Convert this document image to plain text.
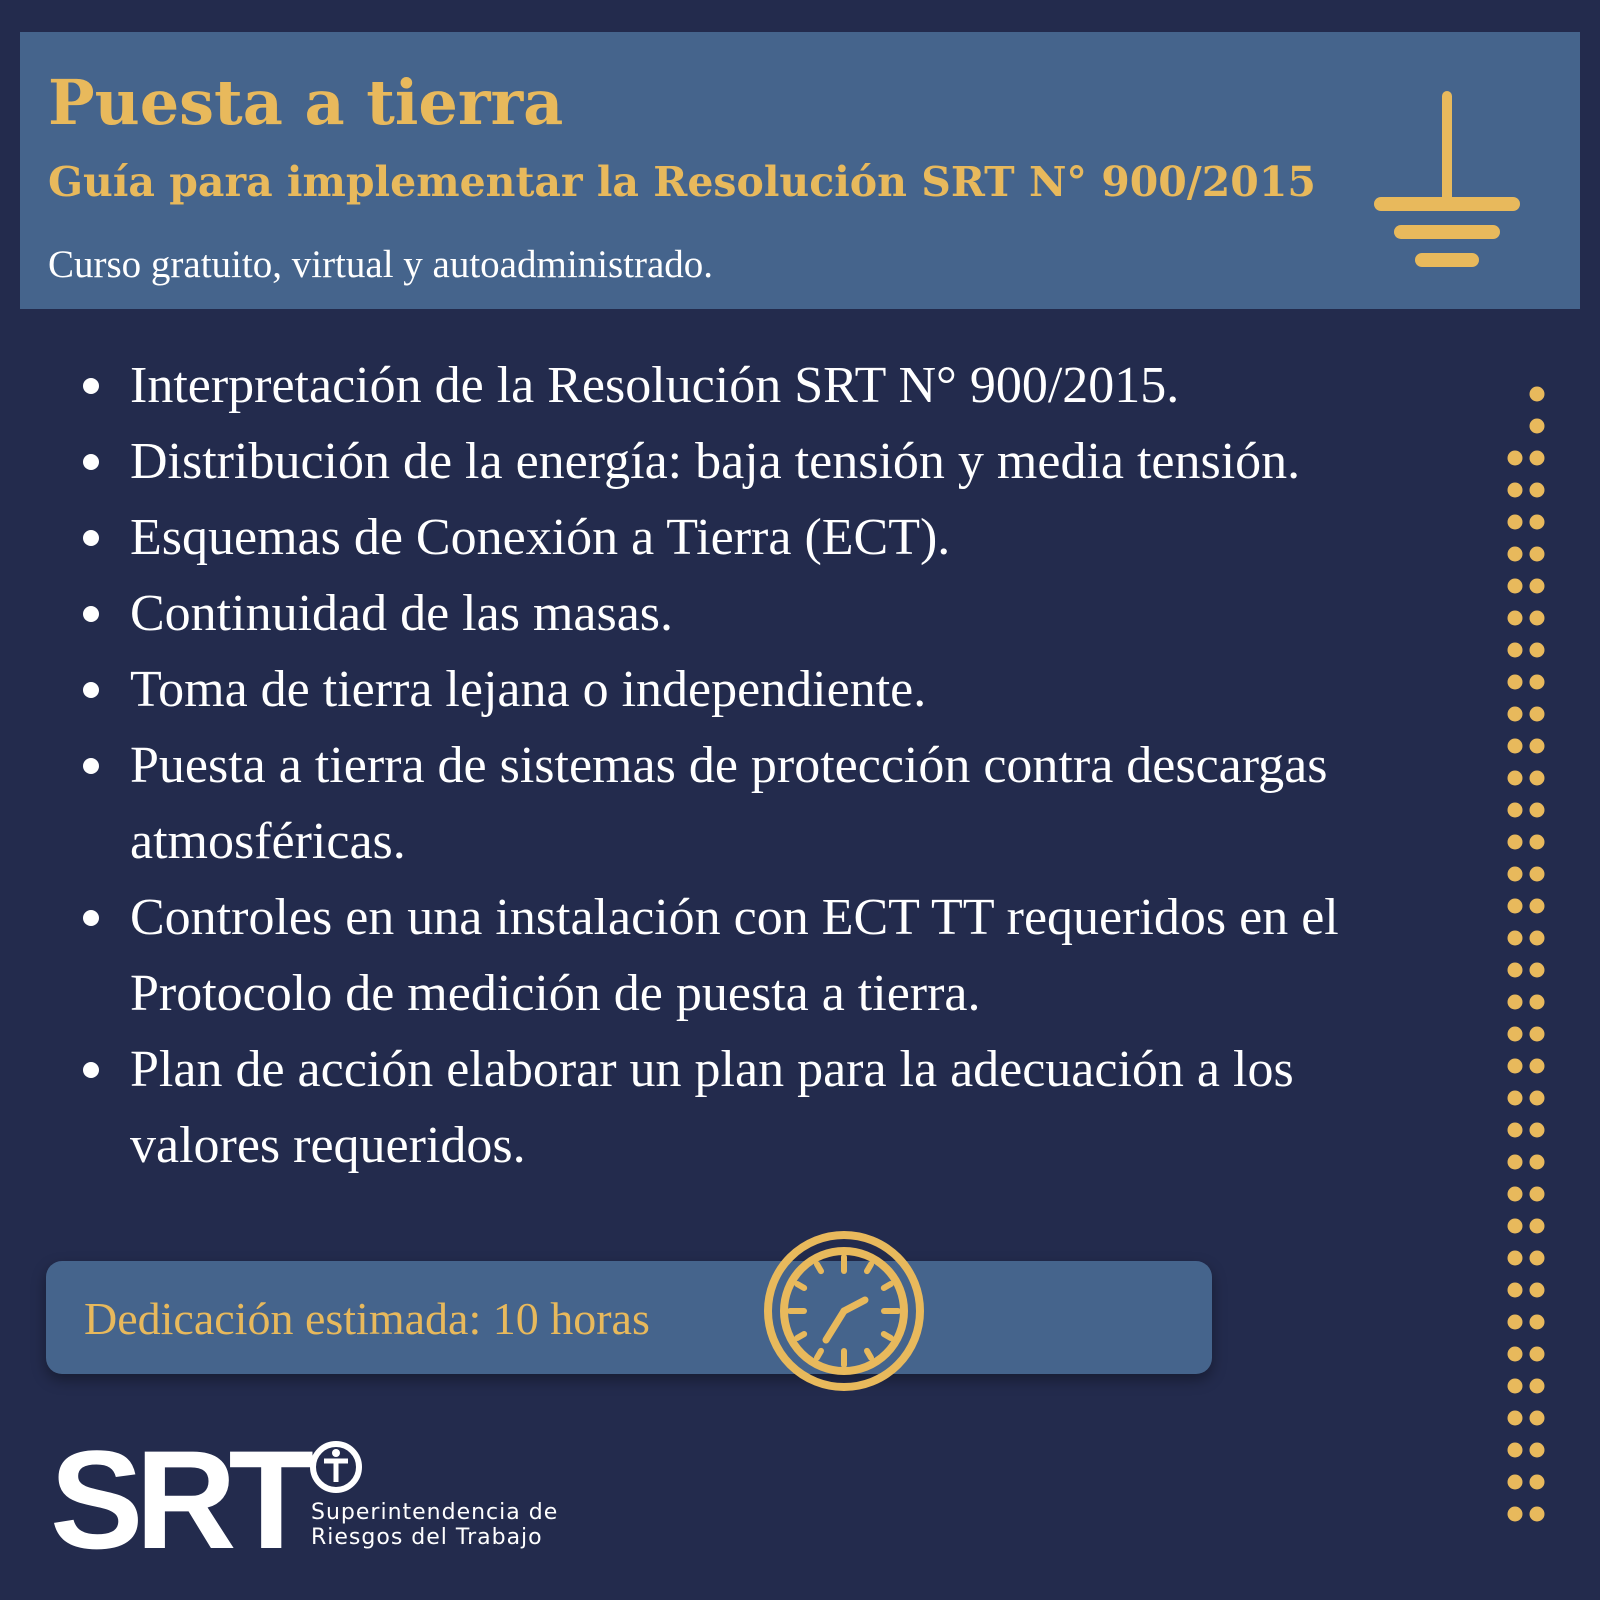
Puesta a tierra
Guía para implementar la Resolución SRT N° 900/2015

Curso gratuito, virtual y autoadministrado.

Interpretación de la Resolución SRT N° 900/2015.
Distribución de la energía: baja tensión y media tensión.
Esquemas de Conexión a Tierra (ECT).
Continuidad de las masas.
Toma de tierra lejana o independiente.
Puesta a tierra de sistemas de protección contra descargas atmosféricas.
Controles en una instalación con ECT TT requeridos en el Protocolo de medición de puesta a tierra.
Plan de acción elaborar un plan para la adecuación a los valores requeridos.

Dedicación estimada: 10 horas

SRT Superintendencia de
Riesgos del Trabajo
